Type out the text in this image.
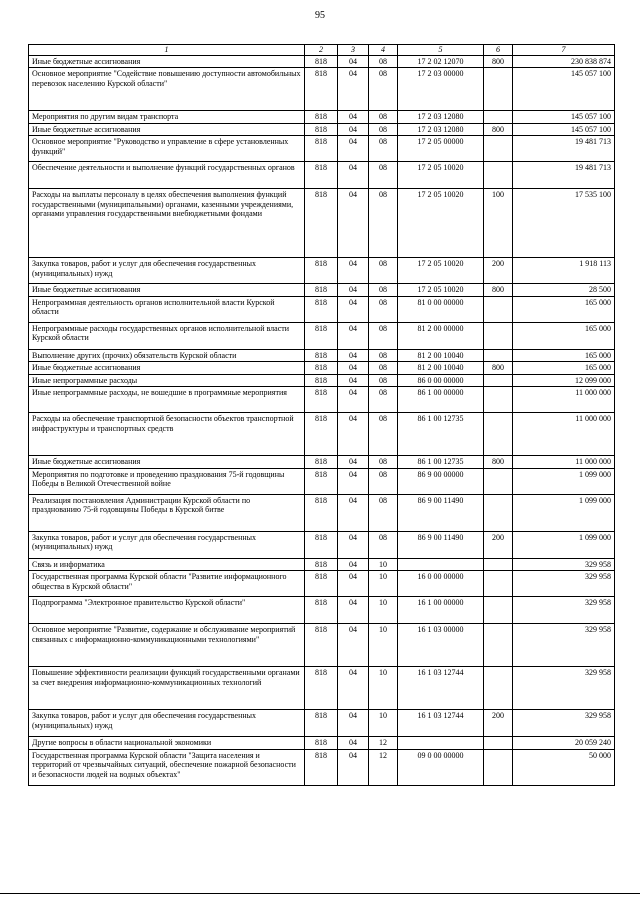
95
1	2	3	4	5	6	7
Иные бюджетные ассигнования	818	04	08	17 2 02 12070	800	230 838 874
Основное мероприятие "Содействие повышению доступности автомобильных перевозок населению Курской области"	818	04	08	17 2 03 00000		145 057 100
Мероприятия по другим видам транспорта	818	04	08	17 2 03 12080		145 057 100
Иные бюджетные ассигнования	818	04	08	17 2 03 12080	800	145 057 100
Основное мероприятие "Руководство и управление в сфере установленных функций"	818	04	08	17 2 05 00000		19 481 713
Обеспечение деятельности и выполнение функций государственных органов	818	04	08	17 2 05 10020		19 481 713
Расходы на выплаты персоналу в целях обеспечения выполнения функций государственными (муниципальными) органами, казенными учреждениями, органами управления государственными внебюджетными фондами	818	04	08	17 2 05 10020	100	17 535 100
Закупка товаров, работ и услуг для обеспечения государственных (муниципальных) нужд	818	04	08	17 2 05 10020	200	1 918 113
Иные бюджетные ассигнования	818	04	08	17 2 05 10020	800	28 500
Непрограммная деятельность органов исполнительной власти Курской области	818	04	08	81 0 00 00000		165 000
Непрограммные расходы государственных органов исполнительной власти Курской области	818	04	08	81 2 00 00000		165 000
Выполнение других (прочих) обязательств Курской области	818	04	08	81 2 00 10040		165 000
Иные бюджетные ассигнования	818	04	08	81 2 00 10040	800	165 000
Иные непрограммные расходы	818	04	08	86 0 00 00000		12 099 000
Иные непрограммные расходы, не вошедшие в программные мероприятия	818	04	08	86 1 00 00000		11 000 000
Расходы на обеспечение транспортной безопасности объектов транспортной инфраструктуры и транспортных средств	818	04	08	86 1 00 12735		11 000 000
Иные бюджетные ассигнования	818	04	08	86 1 00 12735	800	11 000 000
Мероприятия по подготовке и проведению празднования 75-й годовщины Победы в Великой Отечественной войне	818	04	08	86 9 00 00000		1 099 000
Реализация постановления Администрации Курской области по празднованию 75-й годовщины Победы в Курской битве	818	04	08	86 9 00 11490		1 099 000
Закупка товаров, работ и услуг для обеспечения государственных (муниципальных) нужд	818	04	08	86 9 00 11490	200	1 099 000
Связь и информатика	818	04	10			329 958
Государственная программа Курской области "Развитие информационного общества в Курской области"	818	04	10	16 0 00 00000		329 958
Подпрограмма "Электронное правительство Курской области"	818	04	10	16 1 00 00000		329 958
Основное мероприятие "Развитие, содержание и обслуживание мероприятий связанных с информационно-коммуникационными технологиями"	818	04	10	16 1 03 00000		329 958
Повышение эффективности реализации функций государственными органами за счет внедрения информационно-коммуникационных технологий	818	04	10	16 1 03 12744		329 958
Закупка товаров, работ и услуг для обеспечения государственных (муниципальных) нужд	818	04	10	16 1 03 12744	200	329 958
Другие вопросы в области национальной экономики	818	04	12			20 059 240
Государственная программа Курской области "Защита населения и территорий от чрезвычайных ситуаций, обеспечение пожарной безопасности и безопасности людей на водных объектах"	818	04	12	09 0 00 00000		50 000
